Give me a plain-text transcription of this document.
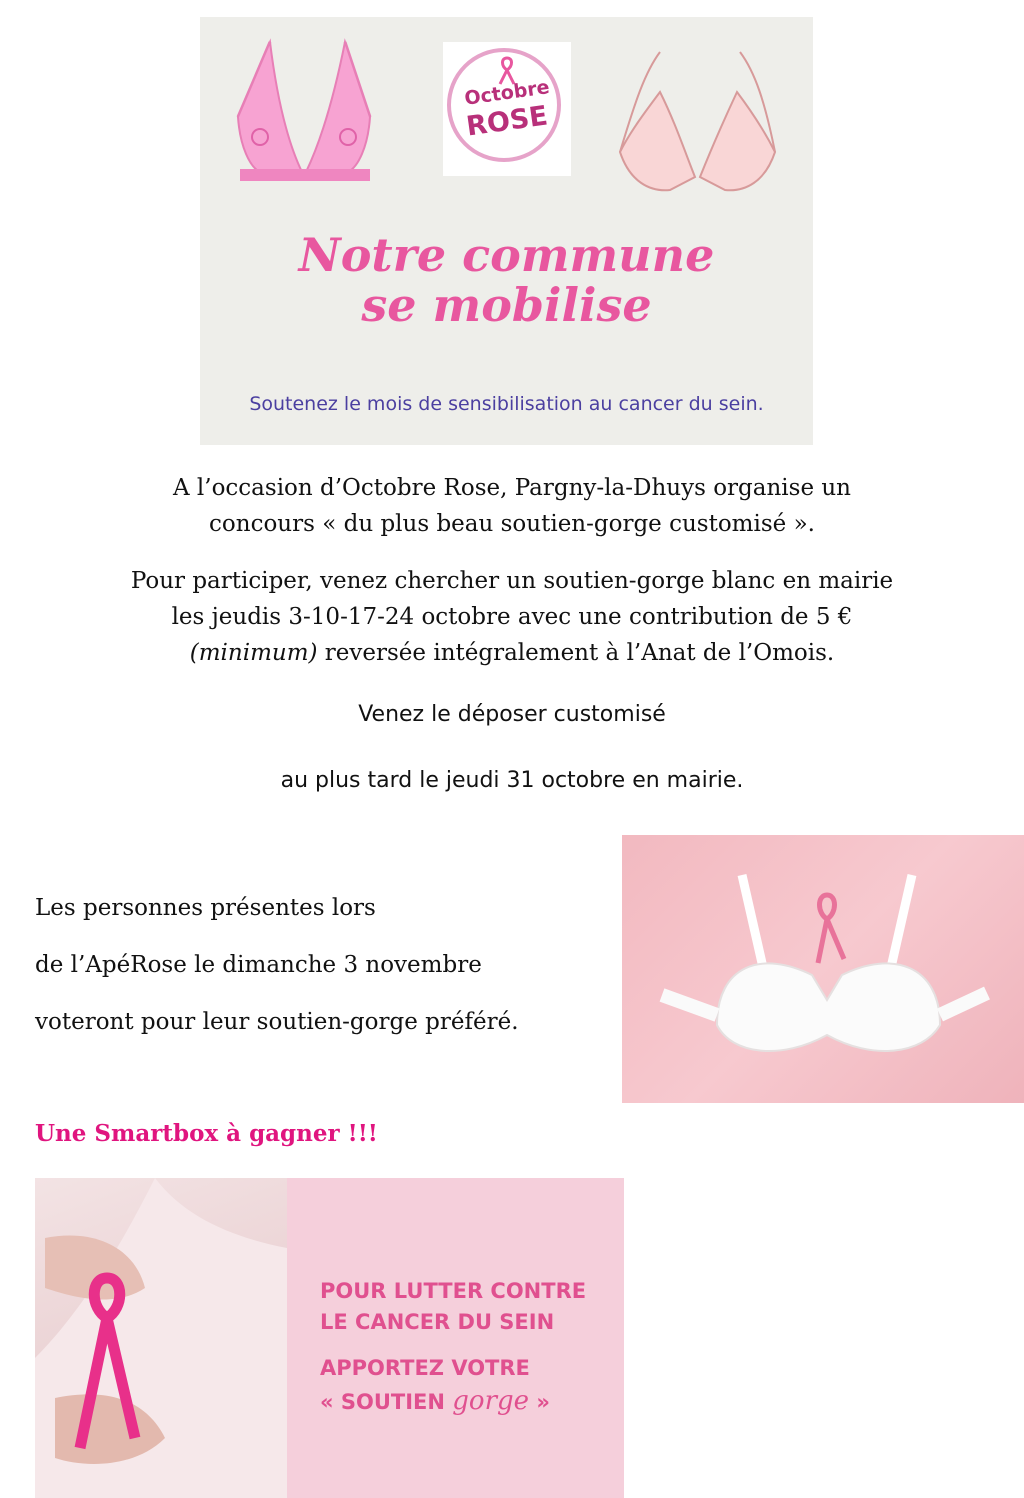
Notre commune
se mobilise
Soutenez le mois de sensibilisation au cancer du sein.
Octobre
ROSE
A l’occasion d’Octobre Rose, Pargny-la-Dhuys organise un
concours « du plus beau soutien-gorge customisé ».
Pour participer, venez chercher un soutien-gorge blanc en mairie
les jeudis 3-10-17-24 octobre avec une contribution de 5 €
(minimum) reversée intégralement à l’Anat de l’Omois.
Venez le déposer customisé
au plus tard le jeudi 31 octobre en mairie.
Les personnes présentes lors
de l’ApéRose le dimanche 3 novembre
voteront pour leur soutien-gorge préféré.
Une Smartbox à gagner !!!
POUR LUTTER CONTRE
LE CANCER DU SEIN
APPORTEZ VOTRE
« SOUTIEN gorge »
